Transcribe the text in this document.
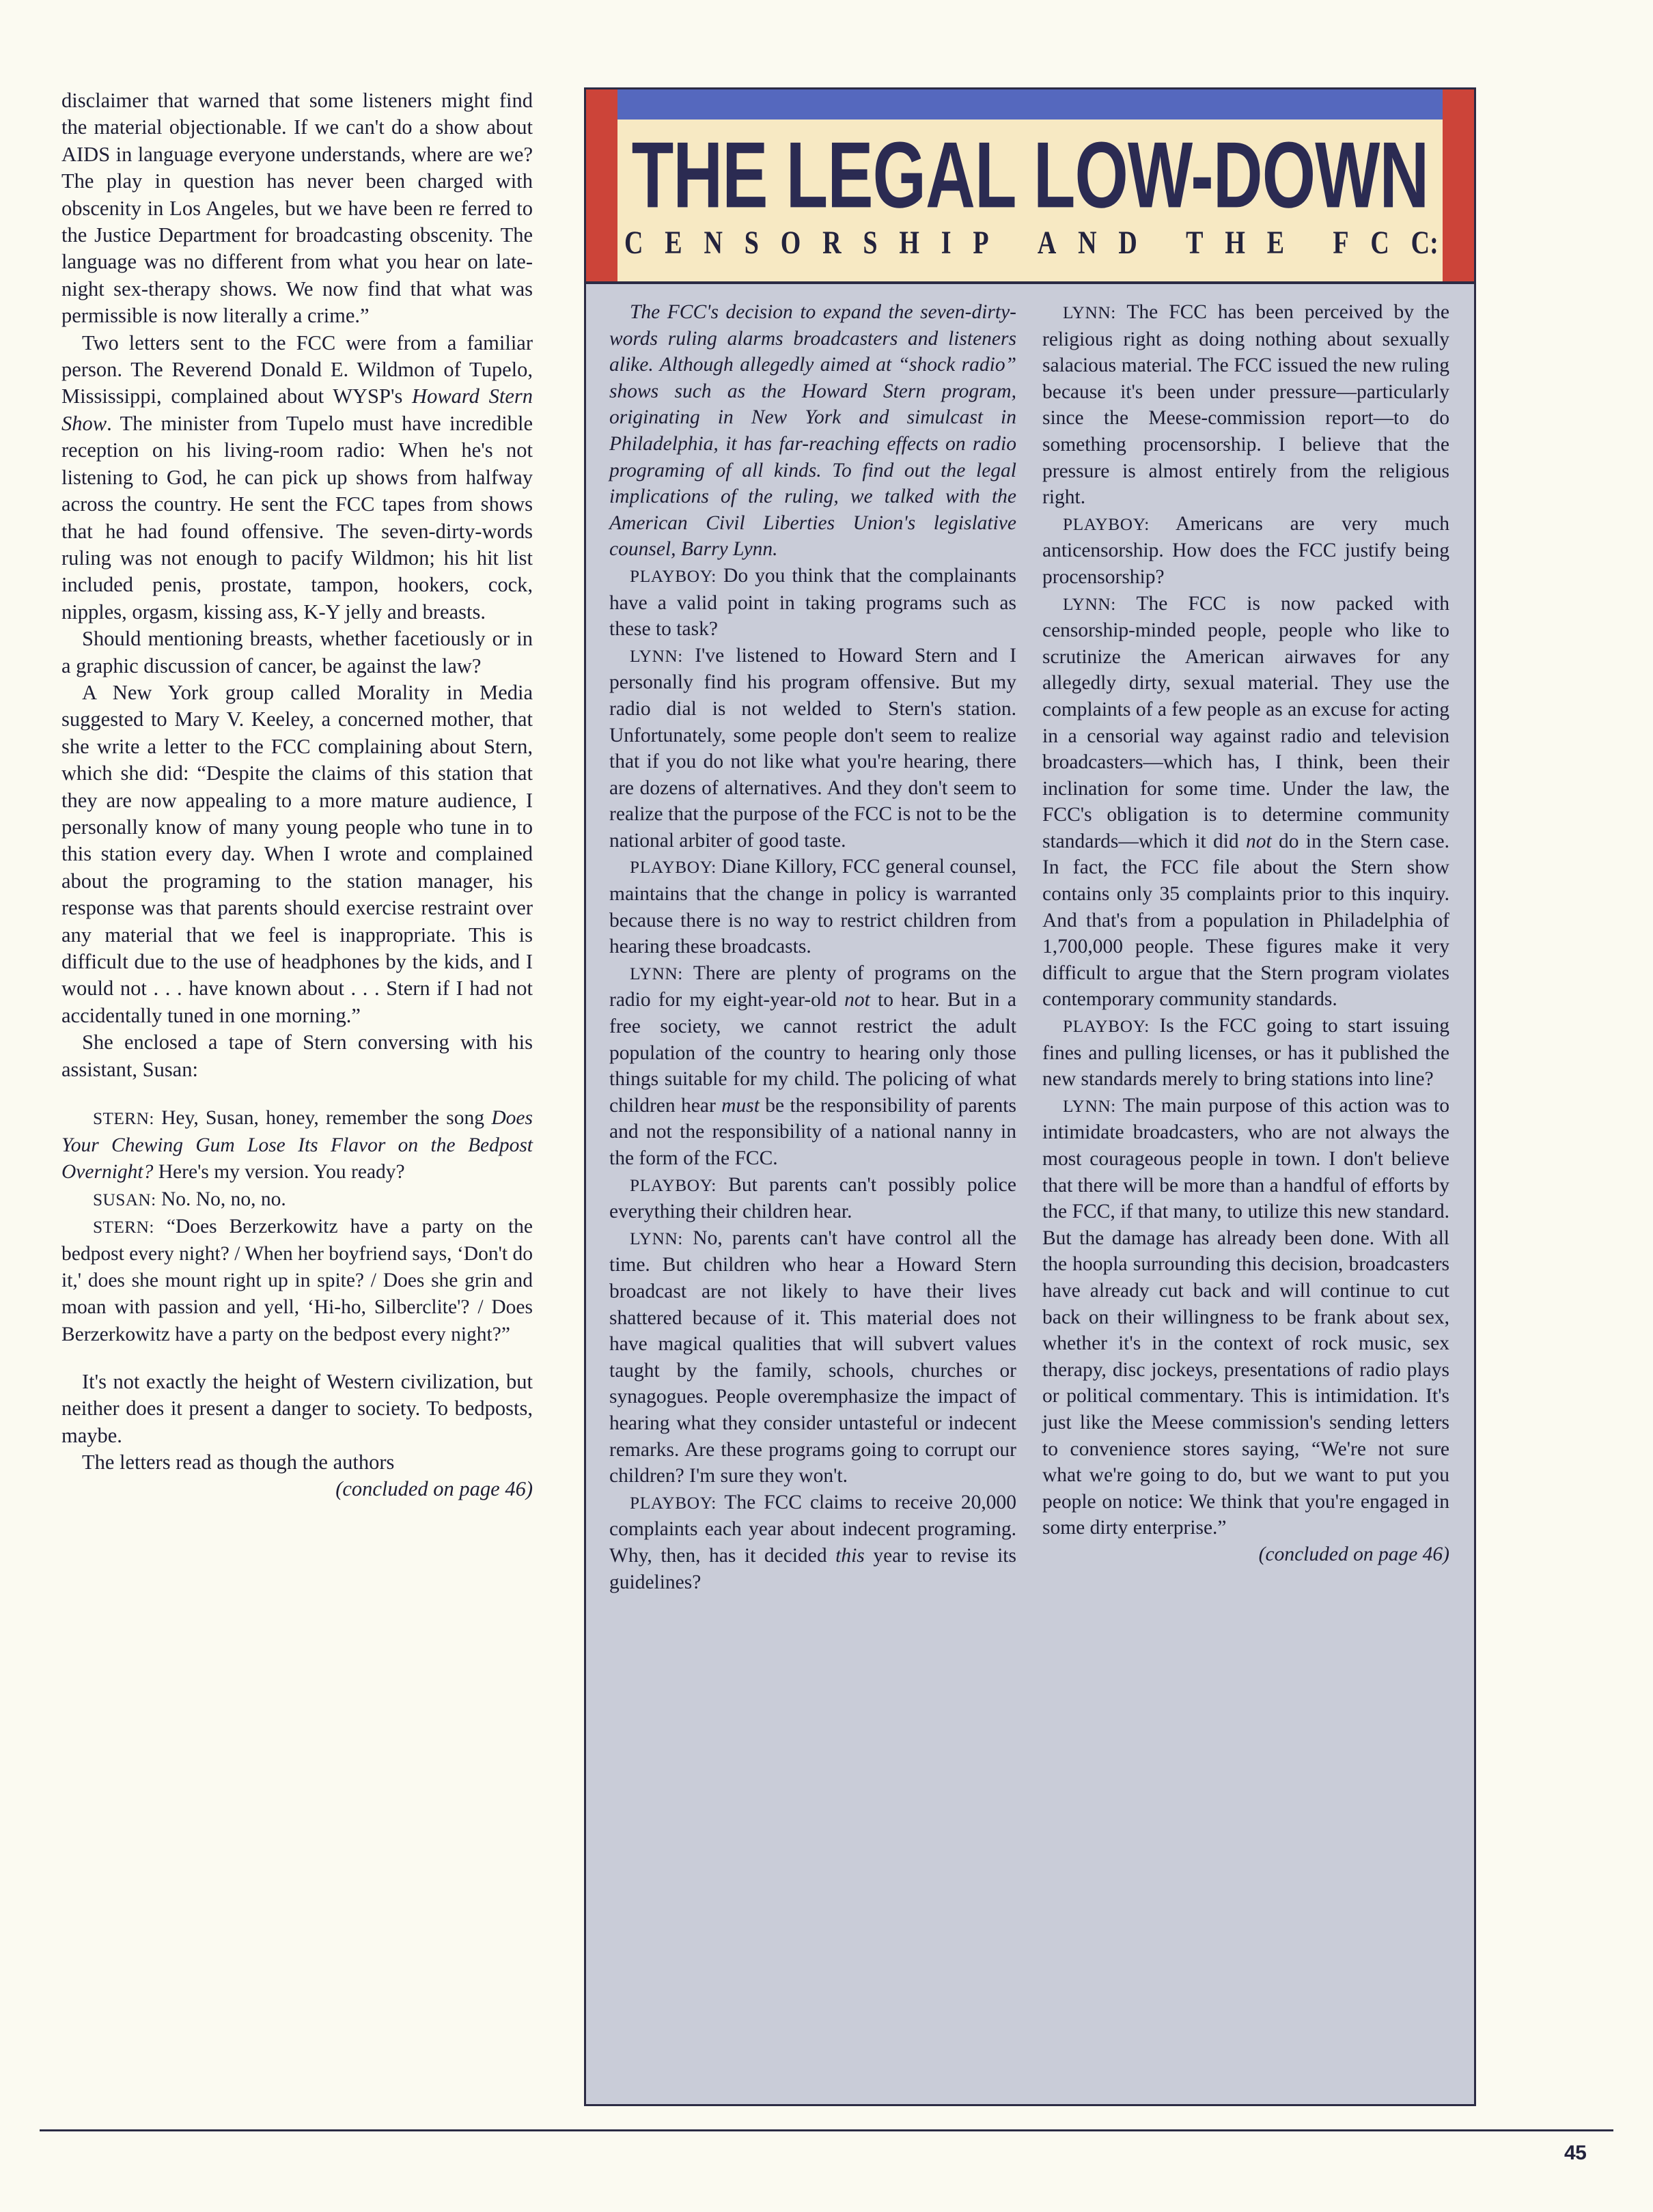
disclaimer that warned that some listeners might find the material objectionable. If we can't do a show about AIDS in language everyone understands, where are we? The play in question has never been charged with obscenity in Los Angeles, but we have been re ferred to the Justice Department for broadcasting obscenity. The language was no different from what you hear on late-night sex-therapy shows. We now find that what was permissible is now literally a crime.”

Two letters sent to the FCC were from a familiar person. The Reverend Donald E. Wildmon of Tupelo, Mississippi, complained about WYSP's Howard Stern Show. The minister from Tupelo must have incredible reception on his living-room radio: When he's not listening to God, he can pick up shows from halfway across the country. He sent the FCC tapes from shows that he had found offensive. The seven-dirty-words ruling was not enough to pacify Wildmon; his hit list included penis, prostate, tampon, hookers, cock, nipples, orgasm, kissing ass, K-Y jelly and breasts.

Should mentioning breasts, whether facetiously or in a graphic discussion of cancer, be against the law?

A New York group called Morality in Media suggested to Mary V. Keeley, a concerned mother, that she write a letter to the FCC complaining about Stern, which she did: “Despite the claims of this station that they are now appealing to a more mature audience, I personally know of many young people who tune in to this station every day. When I wrote and complained about the programing to the station manager, his response was that parents should exercise restraint over any material that we feel is inappropriate. This is difficult due to the use of headphones by the kids, and I would not . . . have known about . . . Stern if I had not accidentally tuned in one morning.”

She enclosed a tape of Stern conversing with his assistant, Susan:

STERN: Hey, Susan, honey, remember the song Does Your Chewing Gum Lose Its Flavor on the Bedpost Overnight? Here's my version. You ready?

SUSAN: No. No, no, no.

STERN: “Does Berzerkowitz have a party on the bedpost every night? / When her boyfriend says, ‘Don't do it,' does she mount right up in spite? / Does she grin and moan with passion and yell, ‘Hi-ho, Silberclite'? / Does Berzerkowitz have a party on the bedpost every night?”

It's not exactly the height of Western civilization, but neither does it present a danger to society. To bedposts, maybe.

The letters read as though the authors

(concluded on page 46)
THE LEGAL LOW-DOWN
C E N S O R S H I P
  A N D
  T H E
  F C C:

The FCC's decision to expand the seven-dirty-words ruling alarms broadcasters and listeners alike. Although allegedly aimed at “shock radio” shows such as the Howard Stern program, originating in New York and simulcast in Philadelphia, it has far-reaching effects on radio programing of all kinds. To find out the legal implications of the ruling, we talked with the American Civil Liberties Union's legislative counsel, Barry Lynn.

PLAYBOY: Do you think that the complainants have a valid point in taking programs such as these to task?

LYNN: I've listened to Howard Stern and I personally find his program offensive. But my radio dial is not welded to Stern's station. Unfortunately, some people don't seem to realize that if you do not like what you're hearing, there are dozens of alternatives. And they don't seem to realize that the purpose of the FCC is not to be the national arbiter of good taste.

PLAYBOY: Diane Killory, FCC general counsel, maintains that the change in policy is warranted because there is no way to restrict children from hearing these broadcasts.

LYNN: There are plenty of programs on the radio for my eight-year-old not to hear. But in a free society, we cannot restrict the adult population of the country to hearing only those things suitable for my child. The policing of what children hear must be the responsibility of parents and not the responsibility of a national nanny in the form of the FCC.

PLAYBOY: But parents can't possibly police everything their children hear.

LYNN: No, parents can't have control all the time. But children who hear a Howard Stern broadcast are not likely to have their lives shattered because of it. This material does not have magical qualities that will subvert values taught by the family, schools, churches or synagogues. People overemphasize the impact of hearing what they consider untasteful or indecent remarks. Are these programs going to corrupt our children? I'm sure they won't.

PLAYBOY: The FCC claims to receive 20,000 complaints each year about indecent programing. Why, then, has it decided this year to revise its guidelines?

LYNN: The FCC has been perceived by the religious right as doing nothing about sexually salacious material. The FCC issued the new ruling because it's been under pressure—particularly since the Meese-commission report—to do something procensorship. I believe that the pressure is almost entirely from the religious right.

PLAYBOY: Americans are very much anticensorship. How does the FCC justify being procensorship?

LYNN: The FCC is now packed with censorship-minded people, people who like to scrutinize the American airwaves for any allegedly dirty, sexual material. They use the complaints of a few people as an excuse for acting in a censorial way against radio and television broadcasters—which has, I think, been their inclination for some time. Under the law, the FCC's obligation is to determine community standards—which it did not do in the Stern case. In fact, the FCC file about the Stern show contains only 35 complaints prior to this inquiry. And that's from a population in Philadelphia of 1,700,000 people. These figures make it very difficult to argue that the Stern program violates contemporary community standards.

PLAYBOY: Is the FCC going to start issuing fines and pulling licenses, or has it published the new standards merely to bring stations into line?

LYNN: The main purpose of this action was to intimidate broadcasters, who are not always the most courageous people in town. I don't believe that there will be more than a handful of efforts by the FCC, if that many, to utilize this new standard. But the damage has already been done. With all the hoopla surrounding this decision, broadcasters have already cut back and will continue to cut back on their willingness to be frank about sex, whether it's in the context of rock music, sex therapy, disc jockeys, presentations of radio plays or political commentary. This is intimidation. It's just like the Meese commission's sending letters to convenience stores saying, “We're not sure what we're going to do, but we want to put you people on notice: We think that you're engaged in some dirty enterprise.”

(concluded on page 46)
45
